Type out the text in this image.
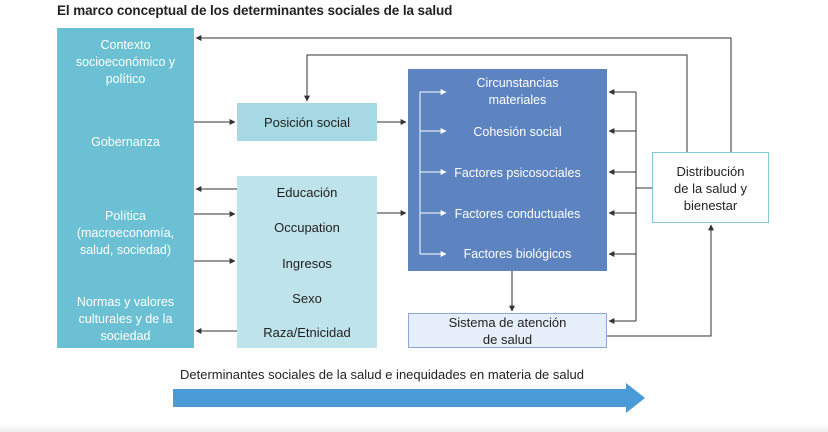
El marco conceptual de los determinantes sociales de la salud
Contexto
socioeconómico y
político
Gobernanza
Política
(macroeconomía,
salud, sociedad)
Normas y valores
culturales y de la
sociedad
Posición social
Educación
Occupation
Ingresos
Sexo
Raza/Etnicidad
Circunstancias
materiales
Cohesión social
Factores psicosociales
Factores conductuales
Factores biológicos
Sistema de atención
de salud
Distribución
de la salud y
bienestar
Determinantes sociales de la salud e inequidades en materia de salud
